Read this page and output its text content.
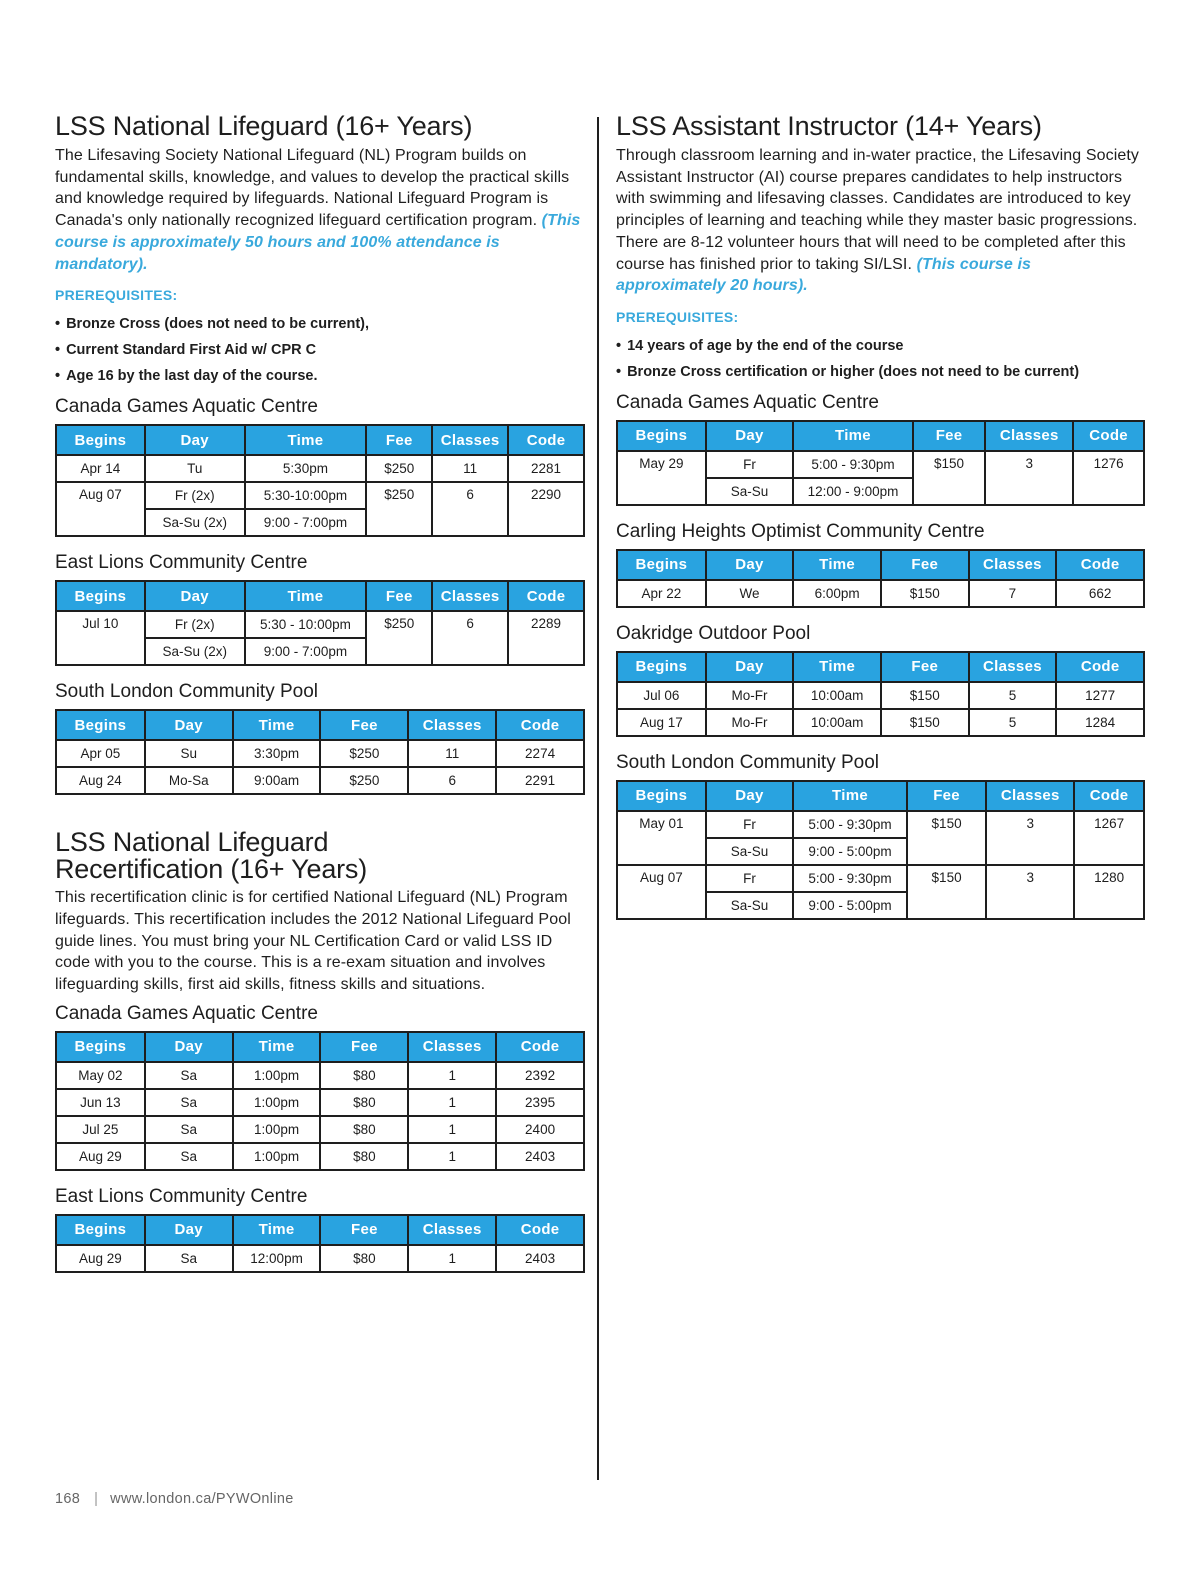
LSS National Lifeguard (16+ Years)

The Lifesaving Society National Lifeguard (NL) Program builds on fundamental skills, knowledge, and values to develop the practical skills and knowledge required by lifeguards. National Lifeguard Program is Canada's only nationally recognized lifeguard certification program. (This course is approximately 50 hours and 100% attendance is mandatory).

PREREQUISITES:
• Bronze Cross (does not need to be current),
• Current Standard First Aid w/ CPR C
• Age 16 by the last day of the course.
Canada Games Aquatic Centre
Begins	Day	Time	Fee	Classes	Code
Apr 14	Tu	5:30pm	$250	11	2281
Aug 07	Fr (2x)	5:30-10:00pm	$250	6	2290
	Sa-Su (2x)	9:00 - 7:00pm			
East Lions Community Centre
Begins	Day	Time	Fee	Classes	Code
Jul 10	Fr (2x)	5:30 - 10:00pm	$250	6	2289
	Sa-Su (2x)	9:00 - 7:00pm			
South London Community Pool
Begins	Day	Time	Fee	Classes	Code
Apr 05	Su	3:30pm	$250	11	2274
Aug 24	Mo-Sa	9:00am	$250	6	2291
LSS National Lifeguard
Recertification (16+ Years)

This recertification clinic is for certified National Lifeguard (NL) Program lifeguards. This recertification includes the 2012 National Lifeguard Pool guide lines. You must bring your NL Certification Card or valid LSS ID code with you to the course. This is a re-exam situation and involves lifeguarding skills, first aid skills, fitness skills and situations.

Canada Games Aquatic Centre
Begins	Day	Time	Fee	Classes	Code
May 02	Sa	1:00pm	$80	1	2392
Jun 13	Sa	1:00pm	$80	1	2395
Jul 25	Sa	1:00pm	$80	1	2400
Aug 29	Sa	1:00pm	$80	1	2403
East Lions Community Centre
Begins	Day	Time	Fee	Classes	Code
Aug 29	Sa	12:00pm	$80	1	2403
LSS Assistant Instructor (14+ Years)

Through classroom learning and in-water practice, the Lifesaving Society Assistant Instructor (AI) course prepares candidates to help instructors with swimming and lifesaving classes. Candidates are introduced to key principles of learning and teaching while they master basic progressions. There are 8-12 volunteer hours that will need to be completed after this course has finished prior to taking SI/LSI. (This course is approximately 20 hours).

PREREQUISITES:
• 14 years of age by the end of the course
• Bronze Cross certification or higher (does not need to be current)
Canada Games Aquatic Centre
Begins	Day	Time	Fee	Classes	Code
May 29	Fr	5:00 - 9:30pm	$150	3	1276
	Sa-Su	12:00 - 9:00pm			
Carling Heights Optimist Community Centre
Begins	Day	Time	Fee	Classes	Code
Apr 22	We	6:00pm	$150	7	662
Oakridge Outdoor Pool
Begins	Day	Time	Fee	Classes	Code
Jul 06	Mo-Fr	10:00am	$150	5	1277
Aug 17	Mo-Fr	10:00am	$150	5	1284
South London Community Pool
Begins	Day	Time	Fee	Classes	Code
May 01	Fr	5:00 - 9:30pm	$150	3	1267
	Sa-Su	9:00 - 5:00pm			
Aug 07	Fr	5:00 - 9:30pm	$150	3	1280
	Sa-Su	9:00 - 5:00pm			
168 | www.london.ca/PYWOnline
